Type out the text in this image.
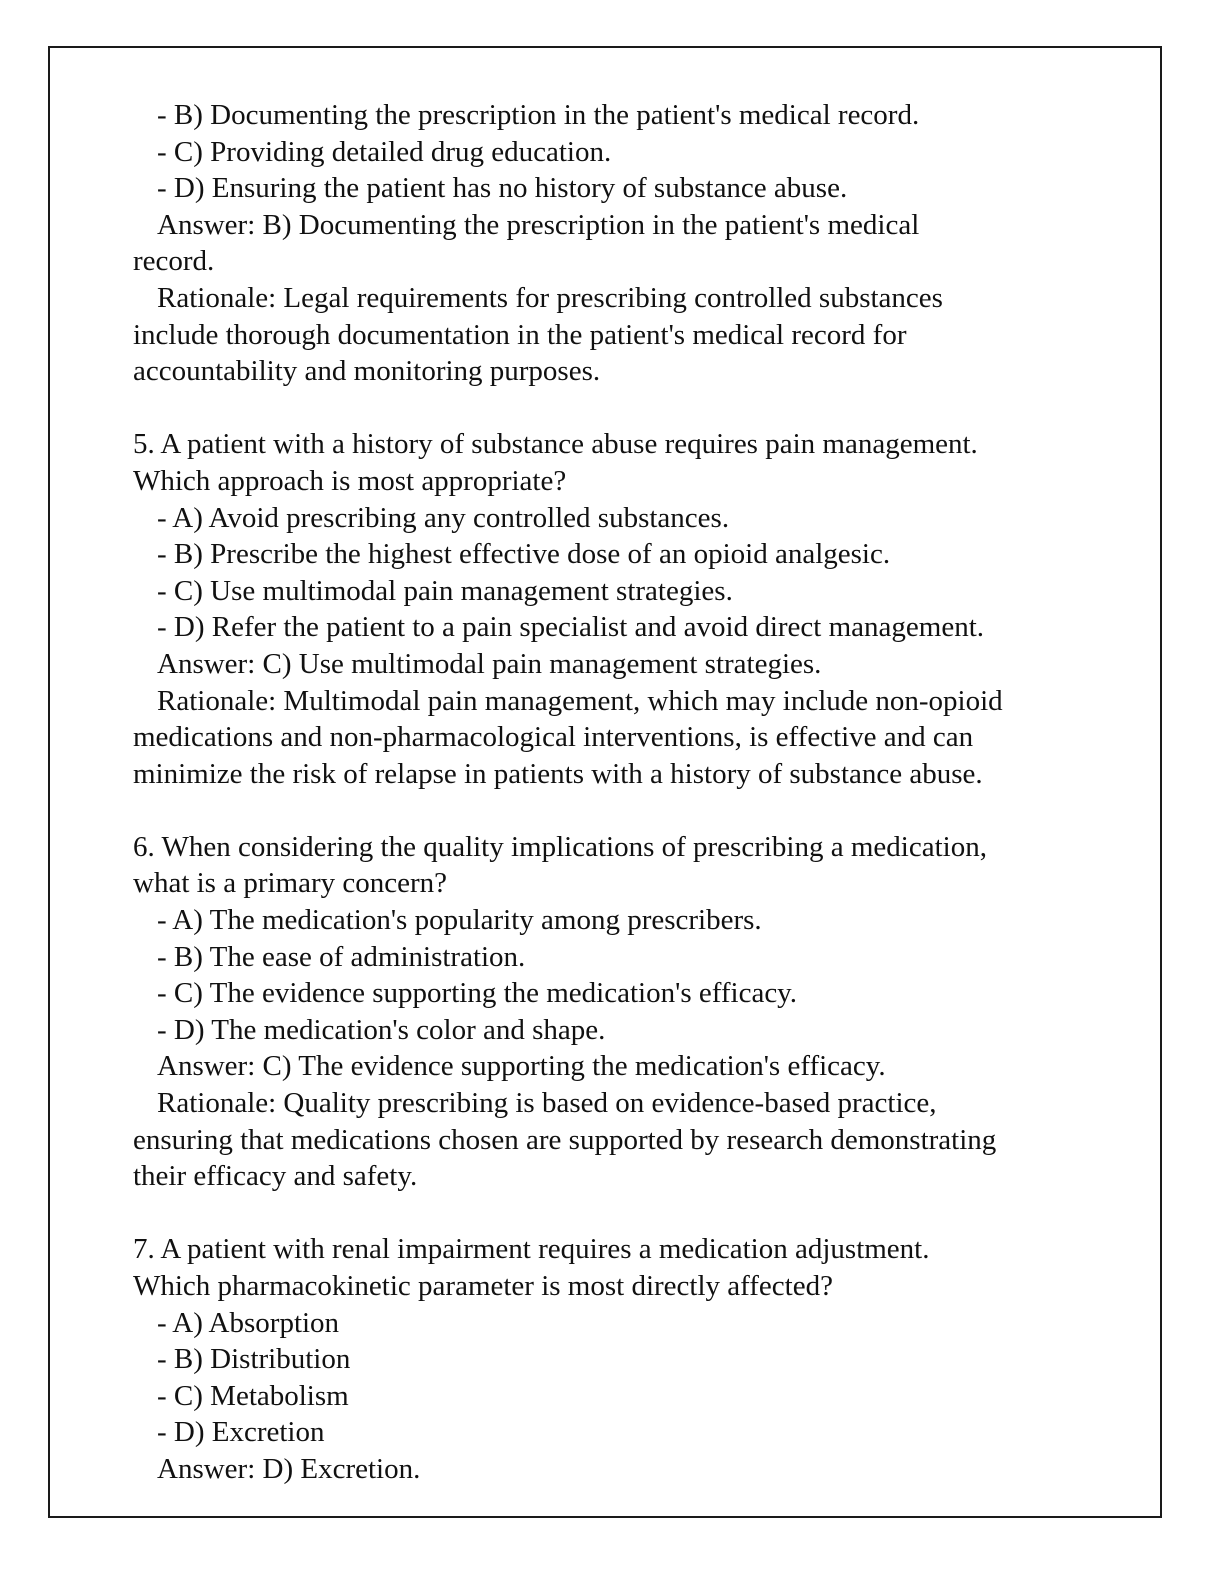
- B) Documenting the prescription in the patient's medical record.
- C) Providing detailed drug education.
- D) Ensuring the patient has no history of substance abuse.
Answer: B) Documenting the prescription in the patient's medical
record.
Rationale: Legal requirements for prescribing controlled substances
include thorough documentation in the patient's medical record for
accountability and monitoring purposes.
5. A patient with a history of substance abuse requires pain management.
Which approach is most appropriate?
- A) Avoid prescribing any controlled substances.
- B) Prescribe the highest effective dose of an opioid analgesic.
- C) Use multimodal pain management strategies.
- D) Refer the patient to a pain specialist and avoid direct management.
Answer: C) Use multimodal pain management strategies.
Rationale: Multimodal pain management, which may include non-opioid
medications and non-pharmacological interventions, is effective and can
minimize the risk of relapse in patients with a history of substance abuse.
6. When considering the quality implications of prescribing a medication,
what is a primary concern?
- A) The medication's popularity among prescribers.
- B) The ease of administration.
- C) The evidence supporting the medication's efficacy.
- D) The medication's color and shape.
Answer: C) The evidence supporting the medication's efficacy.
Rationale: Quality prescribing is based on evidence-based practice,
ensuring that medications chosen are supported by research demonstrating
their efficacy and safety.
7. A patient with renal impairment requires a medication adjustment.
Which pharmacokinetic parameter is most directly affected?
- A) Absorption
- B) Distribution
- C) Metabolism
- D) Excretion
Answer: D) Excretion.
